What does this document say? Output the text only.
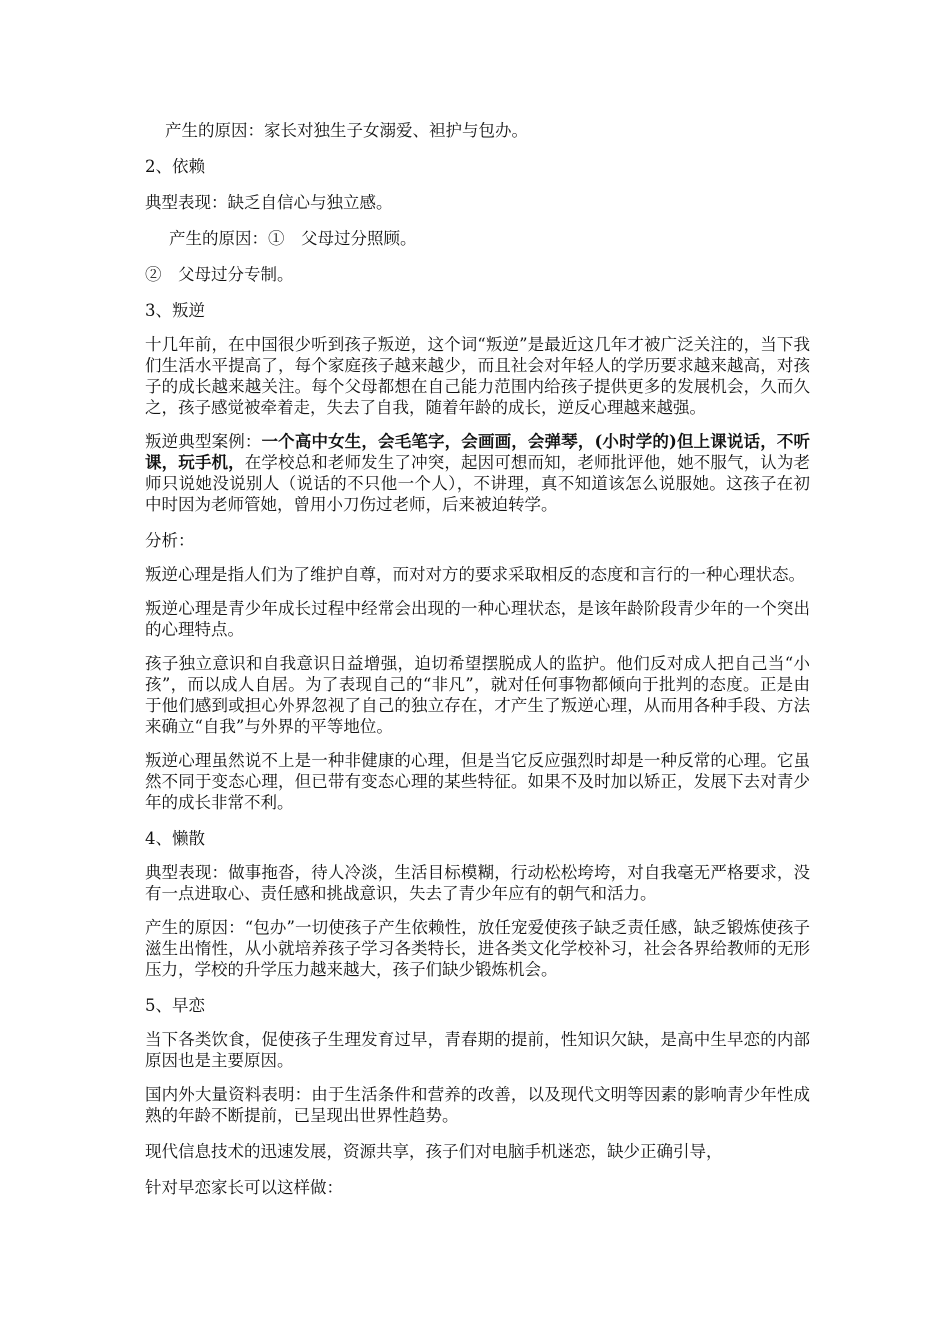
产生的原因：家长对独生子女溺爱、袒护与包办。

2、依赖

典型表现：缺乏自信心与独立感。

产生的原因：①　父母过分照顾。

②　父母过分专制。

3、叛逆

十几年前，在中国很少听到孩子叛逆，这个词“叛逆”是最近这几年才被广泛关注的，当下我们生活水平提高了，每个家庭孩子越来越少，而且社会对年轻人的学历要求越来越高，对孩子的成长越来越关注。每个父母都想在自己能力范围内给孩子提供更多的发展机会，久而久之，孩子感觉被牵着走，失去了自我，随着年龄的成长，逆反心理越来越强。

叛逆典型案例：一个高中女生，会毛笔字，会画画，会弹琴，(小时学的)但上课说话，不听课，玩手机，在学校总和老师发生了冲突，起因可想而知，老师批评他，她不服气，认为老师只说她没说别人（说话的不只他一个人），不讲理，真不知道该怎么说服她。这孩子在初中时因为老师管她，曾用小刀伤过老师，后来被迫转学。

分析：

叛逆心理是指人们为了维护自尊，而对对方的要求采取相反的态度和言行的一种心理状态。

叛逆心理是青少年成长过程中经常会出现的一种心理状态，是该年龄阶段青少年的一个突出的心理特点。

孩子独立意识和自我意识日益增强，迫切希望摆脱成人的监护。他们反对成人把自己当“小孩”，而以成人自居。为了表现自己的“非凡”，就对任何事物都倾向于批判的态度。正是由于他们感到或担心外界忽视了自己的独立存在，才产生了叛逆心理，从而用各种手段、方法来确立“自我”与外界的平等地位。

叛逆心理虽然说不上是一种非健康的心理，但是当它反应强烈时却是一种反常的心理。它虽然不同于变态心理，但已带有变态心理的某些特征。如果不及时加以矫正，发展下去对青少年的成长非常不利。

4、懒散

典型表现：做事拖沓，待人冷淡，生活目标模糊，行动松松垮垮，对自我毫无严格要求，没有一点进取心、责任感和挑战意识，失去了青少年应有的朝气和活力。

产生的原因：“包办”一切使孩子产生依赖性，放任宠爱使孩子缺乏责任感，缺乏锻炼使孩子滋生出惰性，从小就培养孩子学习各类特长，进各类文化学校补习，社会各界给教师的无形压力，学校的升学压力越来越大，孩子们缺少锻炼机会。

5、早恋

当下各类饮食，促使孩子生理发育过早，青春期的提前，性知识欠缺，是高中生早恋的内部原因也是主要原因。

国内外大量资料表明：由于生活条件和营养的改善，以及现代文明等因素的影响青少年性成熟的年龄不断提前，已呈现出世界性趋势。

现代信息技术的迅速发展，资源共享，孩子们对电脑手机迷恋，缺少正确引导，

针对早恋家长可以这样做：
